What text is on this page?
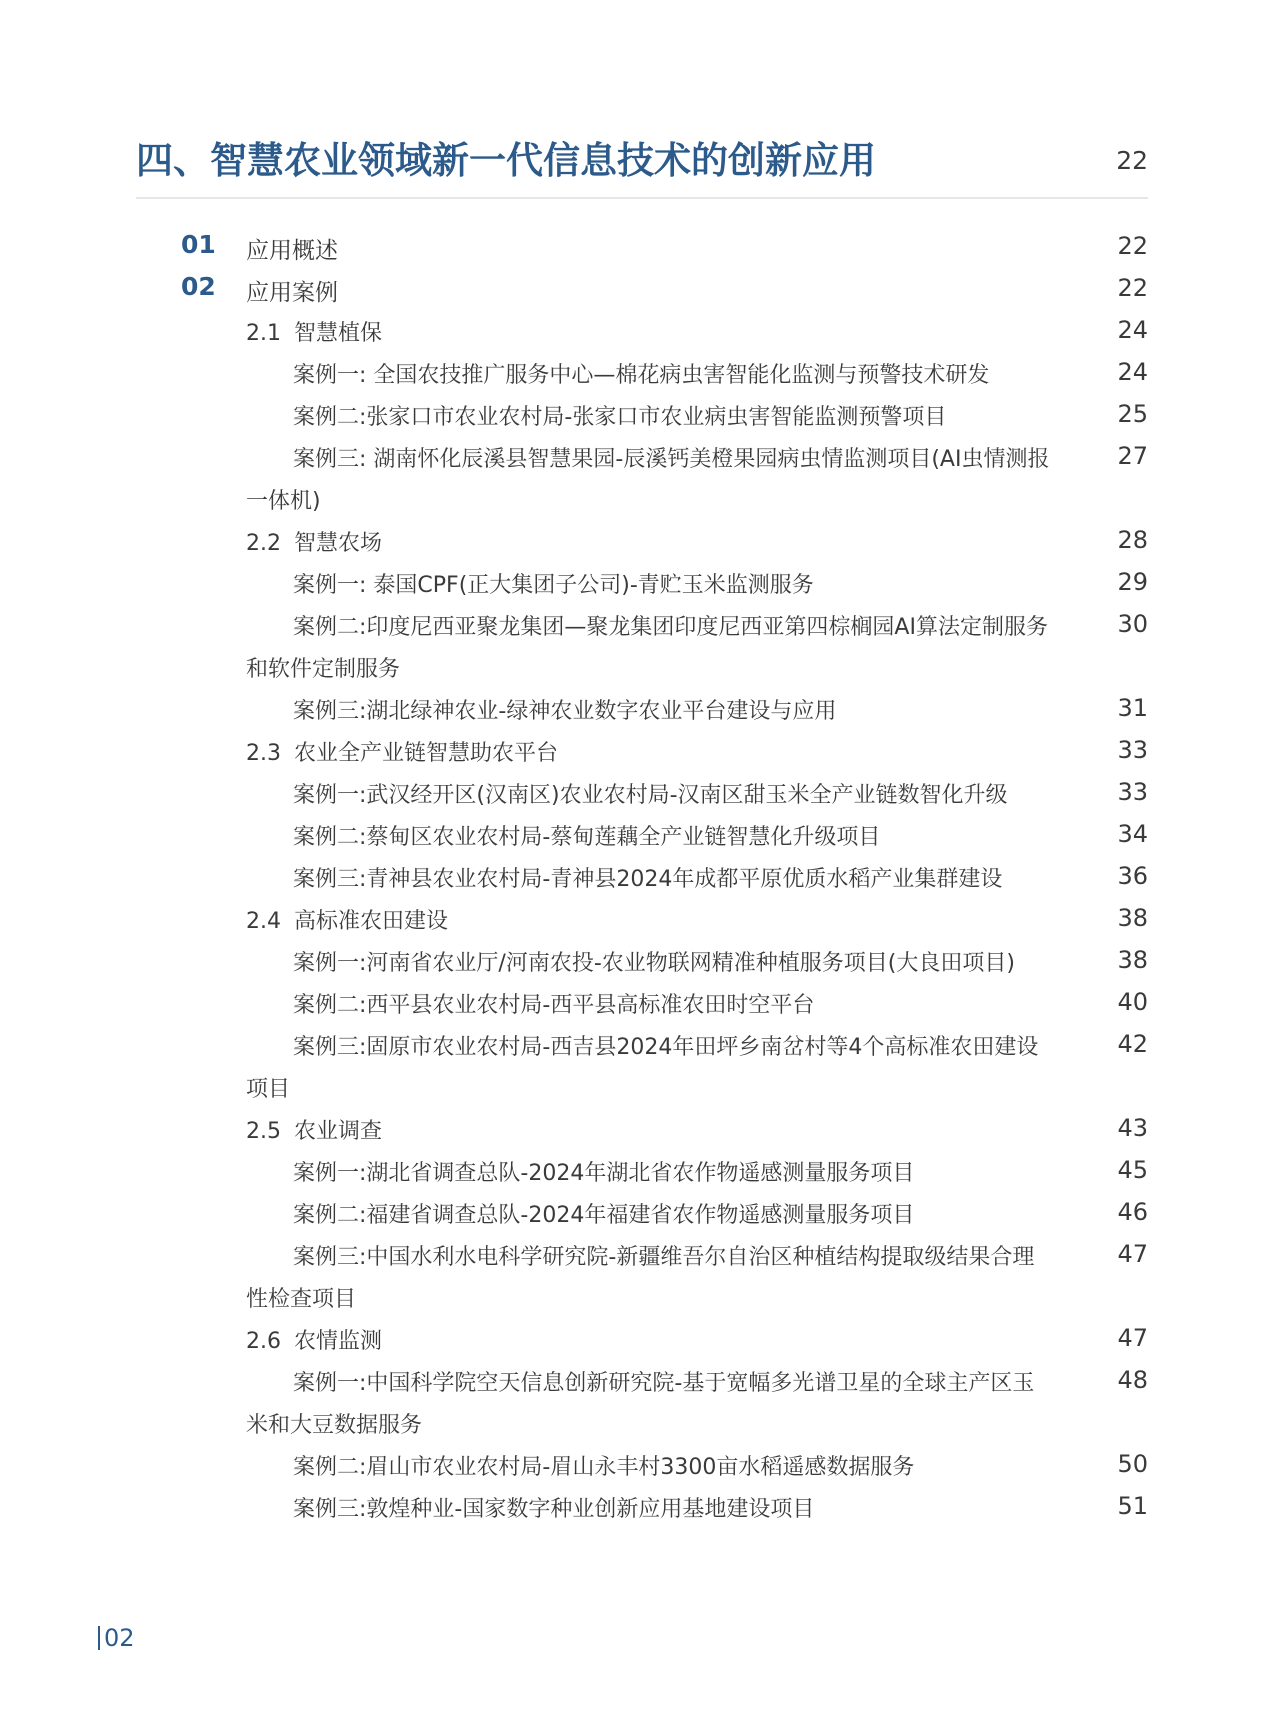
四、智慧农业领域新一代信息技术的创新应用	22
01 应用概述	22
02 应用案例	22
2.1 智慧植保	24
案例一: 全国农技推广服务中心—棉花病虫害智能化监测与预警技术研发	24
案例二:张家口市农业农村局-张家口市农业病虫害智能监测预警项目	25
案例三: 湖南怀化辰溪县智慧果园-辰溪钙美橙果园病虫情监测项目(AI虫情测报	27
一体机)
2.2 智慧农场	28
案例一: 泰国CPF(正大集团子公司)-青贮玉米监测服务	29
案例二:印度尼西亚聚龙集团—聚龙集团印度尼西亚第四棕榈园AI算法定制服务	30
和软件定制服务
案例三:湖北绿神农业-绿神农业数字农业平台建设与应用	31
2.3 农业全产业链智慧助农平台	33
案例一:武汉经开区(汉南区)农业农村局-汉南区甜玉米全产业链数智化升级	33
案例二:蔡甸区农业农村局-蔡甸莲藕全产业链智慧化升级项目	34
案例三:青神县农业农村局-青神县2024年成都平原优质水稻产业集群建设	36
2.4 高标准农田建设	38
案例一:河南省农业厅/河南农投-农业物联网精准种植服务项目(大良田项目)	38
案例二:西平县农业农村局-西平县高标准农田时空平台	40
案例三:固原市农业农村局-西吉县2024年田坪乡南岔村等4个高标准农田建设	42
项目
2.5 农业调查	43
案例一:湖北省调查总队-2024年湖北省农作物遥感测量服务项目	45
案例二:福建省调查总队-2024年福建省农作物遥感测量服务项目	46
案例三:中国水利水电科学研究院-新疆维吾尔自治区种植结构提取级结果合理	47
性检查项目
2.6 农情监测	47
案例一:中国科学院空天信息创新研究院-基于宽幅多光谱卫星的全球主产区玉	48
米和大豆数据服务
案例二:眉山市农业农村局-眉山永丰村3300亩水稻遥感数据服务	50
案例三:敦煌种业-国家数字种业创新应用基地建设项目	51
02
